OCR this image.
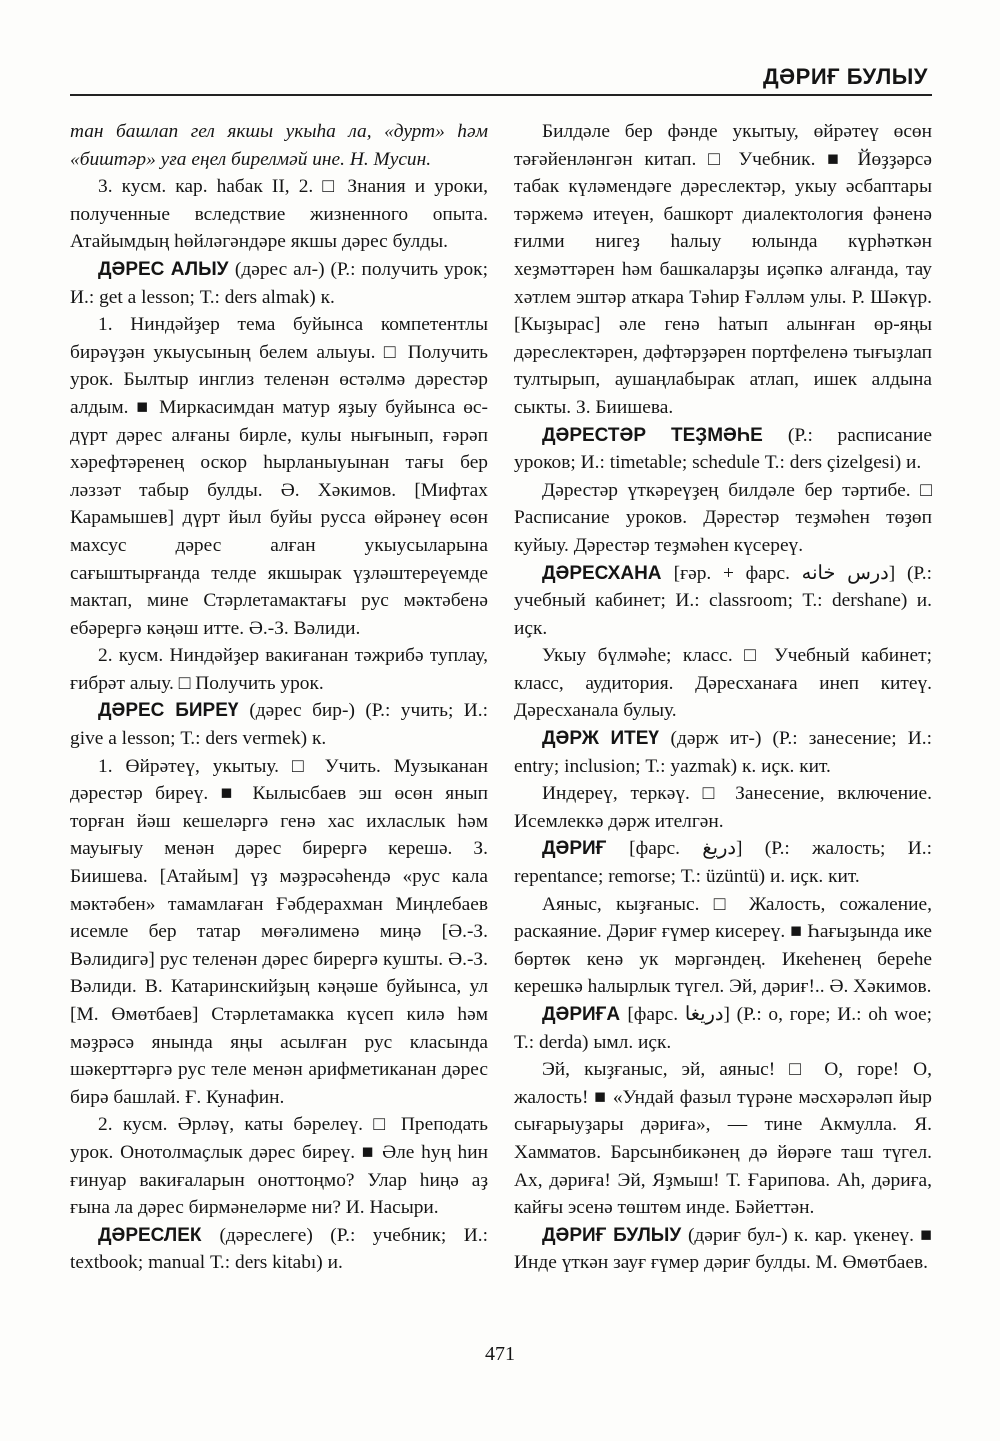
ДӘРИҒ БУЛЫУ

тан башлап гел якшы укыһа ла, «дурт» һәм «биштәр» уға еңел бирелмәй ине. Н. Мусин.

3. кусм. кар. һабак II, 2. □ Знания и уроки, полученные вследствие жизненного опыта. Атайымдың һөйләгәндәре якшы дәрес булды.

ДӘРЕС АЛЫУ (дәрес ал-) (Р.: получить урок; И.: get a lesson; Т.: ders almak) к.

1. Ниндәйҙер тема буйынса компетентлы бирәүҙән укыусының белем алыуы. □ Получить урок. Былтыр инглиз теленән өстәлмә дәрестәр алдым. ■ Миркасимдан матур яҙыу буйынса өс-дүрт дәрес алғаны бирле, кулы нығынып, ғәрәп хәрефтәренең оскор һырланыуынан тағы бер ләззәт табыр булды. Ә. Хәкимов. [Мифтах Карамышев] дүрт йыл буйы русса өйрәнеү өсөн махсус дәрес алған укыусыларына сағыштырғанда телде якшырак үҙләштереүемде мактап, мине Стәрлетамактағы рус мәктәбенә ебәрергә кәңәш итте. Ә.-З. Вәлиди.

2. кусм. Ниндәйҙер вакиғанан тәжрибә туплау, ғибрәт алыу. □ Получить урок.

ДӘРЕС БИРЕҮ (дәрес бир-) (Р.: учить; И.: give a lesson; Т.: ders vermek) к.

1. Өйрәтеү, укытыу. □ Учить. Музыканан дәрестәр биреү. ■ Кылысбаев эш өсөн янып торған йәш кешеләргә генә хас ихласлык һәм мауығыу менән дәрес бирергә керешә. З. Биишева. [Атайым] үҙ мәҙрәсәһендә «рус кала мәктәбен» тамамлаған Ғәбдерахман Миңлебаев исемле бер татар мөғәлименә миңә [Ә.-З. Вәлидигә] рус теленән дәрес бирергә кушты. Ә.-З. Вәлиди. В. Катаринскийҙың кәңәше буйынса, ул [М. Өмөтбаев] Стәрлетамакка күсеп килә һәм мәҙрәсә янында яңы асылған рус класында шәкерттәргә рус теле менән арифметиканан дәрес бирә башлай. Ғ. Кунафин.

2. кусм. Әрләү, каты бәрелеү. □ Преподать урок. Онотолмаҫлык дәрес биреү. ■ Әле һуң һин ғинуар вакиғаларын оноттоңмо? Улар һиңә аҙ ғына ла дәрес бирмәнеләрме ни? И. Насыри.

ДӘРЕСЛЕК (дәреслеге) (Р.: учебник; И.: textbook; manual Т.: ders kitabı) и.

Билдәле бер фәнде укытыу, өйрәтеү өсөн тәғәйенләнгән китап. □ Учебник. ■ Йөҙҙәрсә табак күләмендәге дәреслектәр, укыу әсбаптары тәржемә итеүен, башкорт диалектология фәненә ғилми нигеҙ һалыу юлында күрһәткән хеҙмәттәрен һәм башкаларҙы иҫәпкә алғанда, тау хәтлем эштәр аткара Тәһир Ғәлләм улы. Р. Шәкүр. [Кыҙырас] әле генә һатып алынған өр-яңы дәреслектәрен, дәфтәрҙәрен портфеленә тығыҙлап тултырып, аушаңлабырак атлап, ишек алдына сыкты. З. Биишева.

ДӘРЕСТӘР ТЕҘМӘҺЕ (Р.: расписание уроков; И.: timetable; schedule Т.: ders çizelgesi) и.

Дәрестәр үткәреүҙең билдәле бер тәртибе. □ Расписание уроков. Дәрестәр теҙмәһен төҙөп куйыу. Дәрестәр теҙмәһен күсереү.

ДӘРЕСХАНА [ғәр. + фарс. درس خانه] (Р.: учебный кабинет; И.: classroom; Т.: dershane) и. иҫк.

Укыу бүлмәһе; класс. □ Учебный кабинет; класс, аудитория. Дәресханаға инеп китеү. Дәресханала булыу.

ДӘРЖ ИТЕҮ (дәрж ит-) (Р.: занесение; И.: entry; inclusion; Т.: yazmak) к. иҫк. кит.

Индереү, теркәү. □ Занесение, включение. Исемлеккә дәрж ителгән.

ДӘРИҒ [фарс. دریغ] (Р.: жалость; И.: repentance; remorse; Т.: üzüntü) и. иҫк. кит.

Аяныс, кыҙғаныс. □ Жалость, сожаление, раскаяние. Дәриғ ғүмер кисереү. ■ Һағыҙында ике бөртөк кенә ук мәргәндең. Икеһенең береһе керешкә һалырлык түгел. Эй, дәриғ!.. Ә. Хәкимов.

ДӘРИҒА [фарс. دریغا] (Р.: о, горе; И.: oh woe; Т.: derda) ымл. иҫк.

Эй, кыҙғаныс, эй, аяныс! □ О, горе! О, жалость! ■ «Ундай фазыл түрәне мәсхәрәләп йыр сығарыуҙары дәриға», — тине Акмулла. Я. Хамматов. Барсынбикәнең дә йөрәге таш түгел. Ах, дәриға! Эй, Яҙмыш! Т. Ғарипова. Ah, дәриға, кайғы эсенә төштөм инде. Бәйеттән.

ДӘРИҒ БУЛЫУ (дәриғ бул-) к. кар. үкенеү. ■ Инде үткән зауғ ғүмер дәриғ булды. М. Өмөтбаев.

471
